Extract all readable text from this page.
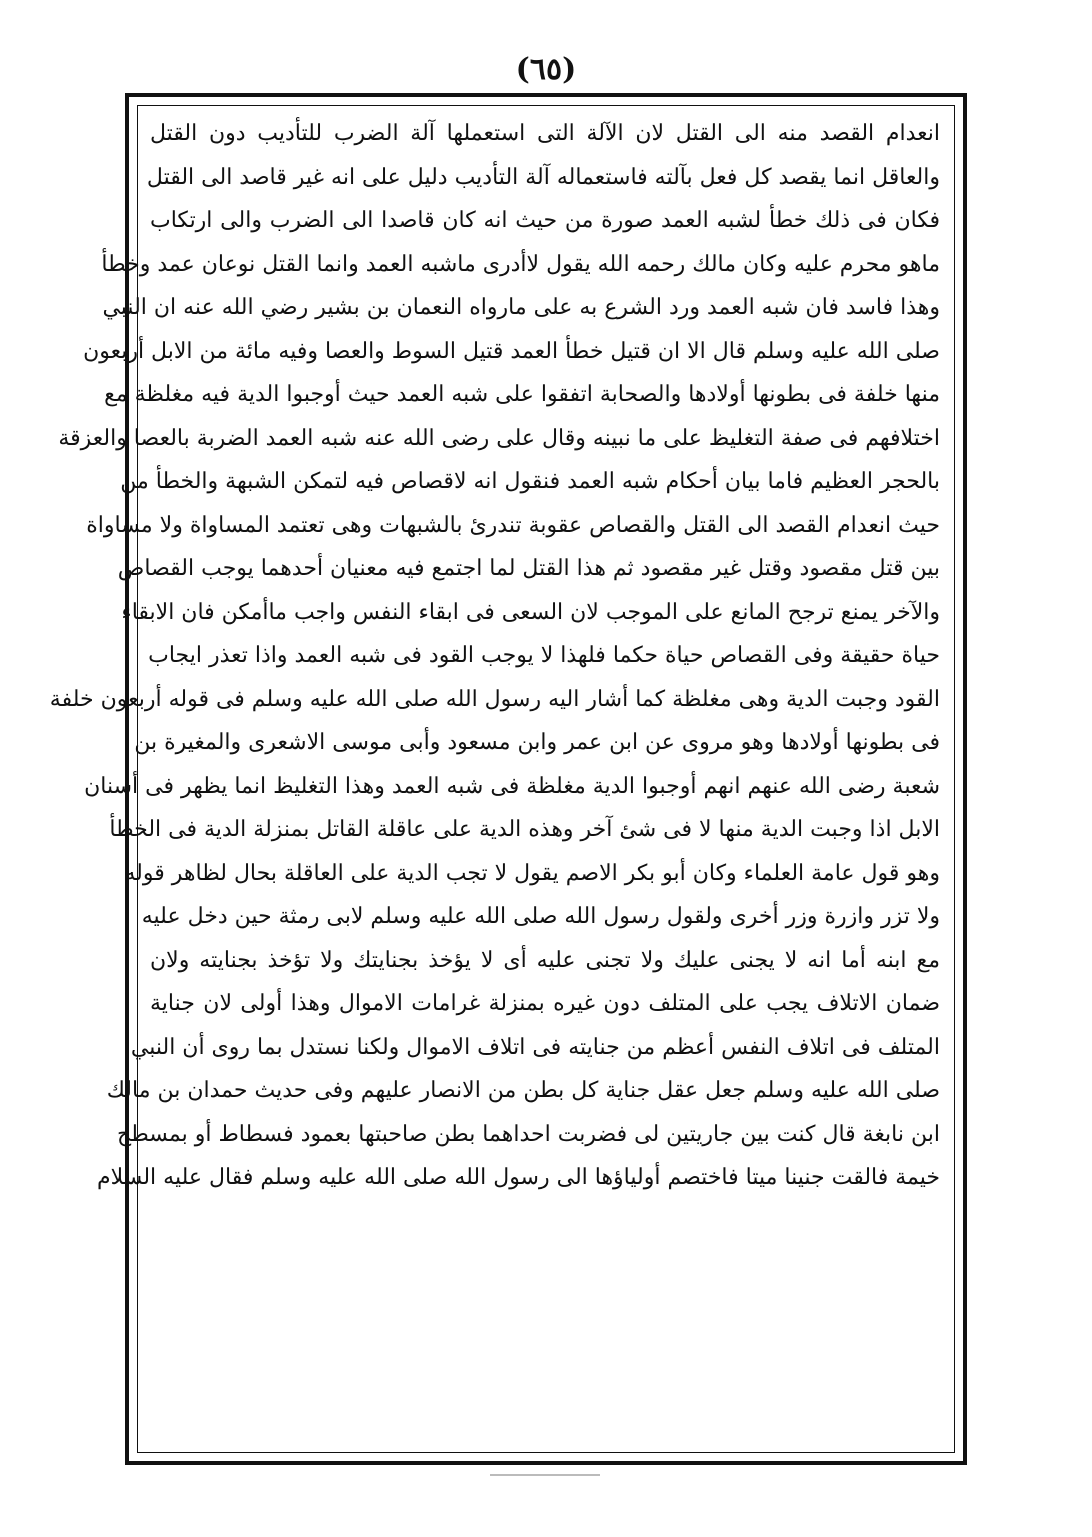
(٦٥)
انعدام القصد منه الى القتل لان الآلة التى استعملها آلة الضرب للتأديب دون القتل
والعاقل انما يقصد كل فعل بآلته فاستعماله آلة التأديب دليل على انه غير قاصد الى القتل
فكان فى ذلك خطأ لشبه العمد صورة من حيث انه كان قاصدا الى الضرب والى ارتكاب
ماهو محرم عليه وكان مالك رحمه الله يقول لاأدرى ماشبه العمد وانما القتل نوعان عمد وخطأ
وهذا فاسد فان شبه العمد ورد الشرع به على مارواه النعمان بن بشير رضي الله عنه ان النبي
صلى الله عليه وسلم قال الا ان قتيل خطأ العمد قتيل السوط والعصا وفيه مائة من الابل أربعون
منها خلفة فى بطونها أولادها والصحابة اتفقوا على شبه العمد حيث أوجبوا الدية فيه مغلظة مع
اختلافهم فى صفة التغليظ على ما نبينه وقال على رضى الله عنه شبه العمد الضربة بالعصا والعزقة
بالحجر العظيم فاما بيان أحكام شبه العمد فنقول انه لاقصاص فيه لتمكن الشبهة والخطأ من
حيث انعدام القصد الى القتل والقصاص عقوبة تندرئ بالشبهات وهى تعتمد المساواة ولا مساواة
بين قتل مقصود وقتل غير مقصود ثم هذا القتل لما اجتمع فيه معنيان أحدهما يوجب القصاص
والآخر يمنع ترجح المانع على الموجب لان السعى فى ابقاء النفس واجب ماأمكن فان الابقاء
حياة حقيقة وفى القصاص حياة حكما فلهذا لا يوجب القود فى شبه العمد واذا تعذر ايجاب
القود وجبت الدية وهى مغلظة كما أشار اليه رسول الله صلى الله عليه وسلم فى قوله أربعون خلفة
فى بطونها أولادها وهو مروى عن ابن عمر وابن مسعود وأبى موسى الاشعرى والمغيرة بن
شعبة رضى الله عنهم انهم أوجبوا الدية مغلظة فى شبه العمد وهذا التغليظ انما يظهر فى أسنان
الابل اذا وجبت الدية منها لا فى شئ آخر وهذه الدية على عاقلة القاتل بمنزلة الدية فى الخطأ
وهو قول عامة العلماء وكان أبو بكر الاصم يقول لا تجب الدية على العاقلة بحال لظاهر قوله
ولا تزر وازرة وزر أخرى ولقول رسول الله صلى الله عليه وسلم لابى رمثة حين دخل عليه
مع ابنه أما انه لا يجنى عليك ولا تجنى عليه أى لا يؤخذ بجنايتك ولا تؤخذ بجنايته ولان
ضمان الاتلاف يجب على المتلف دون غيره بمنزلة غرامات الاموال وهذا أولى لان جناية
المتلف فى اتلاف النفس أعظم من جنايته فى اتلاف الاموال ولكنا نستدل بما روى أن النبي
صلى الله عليه وسلم جعل عقل جناية كل بطن من الانصار عليهم وفى حديث حمدان بن مالك
ابن نابغة قال كنت بين جاريتين لى فضربت احداهما بطن صاحبتها بعمود فسطاط أو بمسطح
خيمة فالقت جنينا ميتا فاختصم أولياؤها الى رسول الله صلى الله عليه وسلم فقال عليه السلام
